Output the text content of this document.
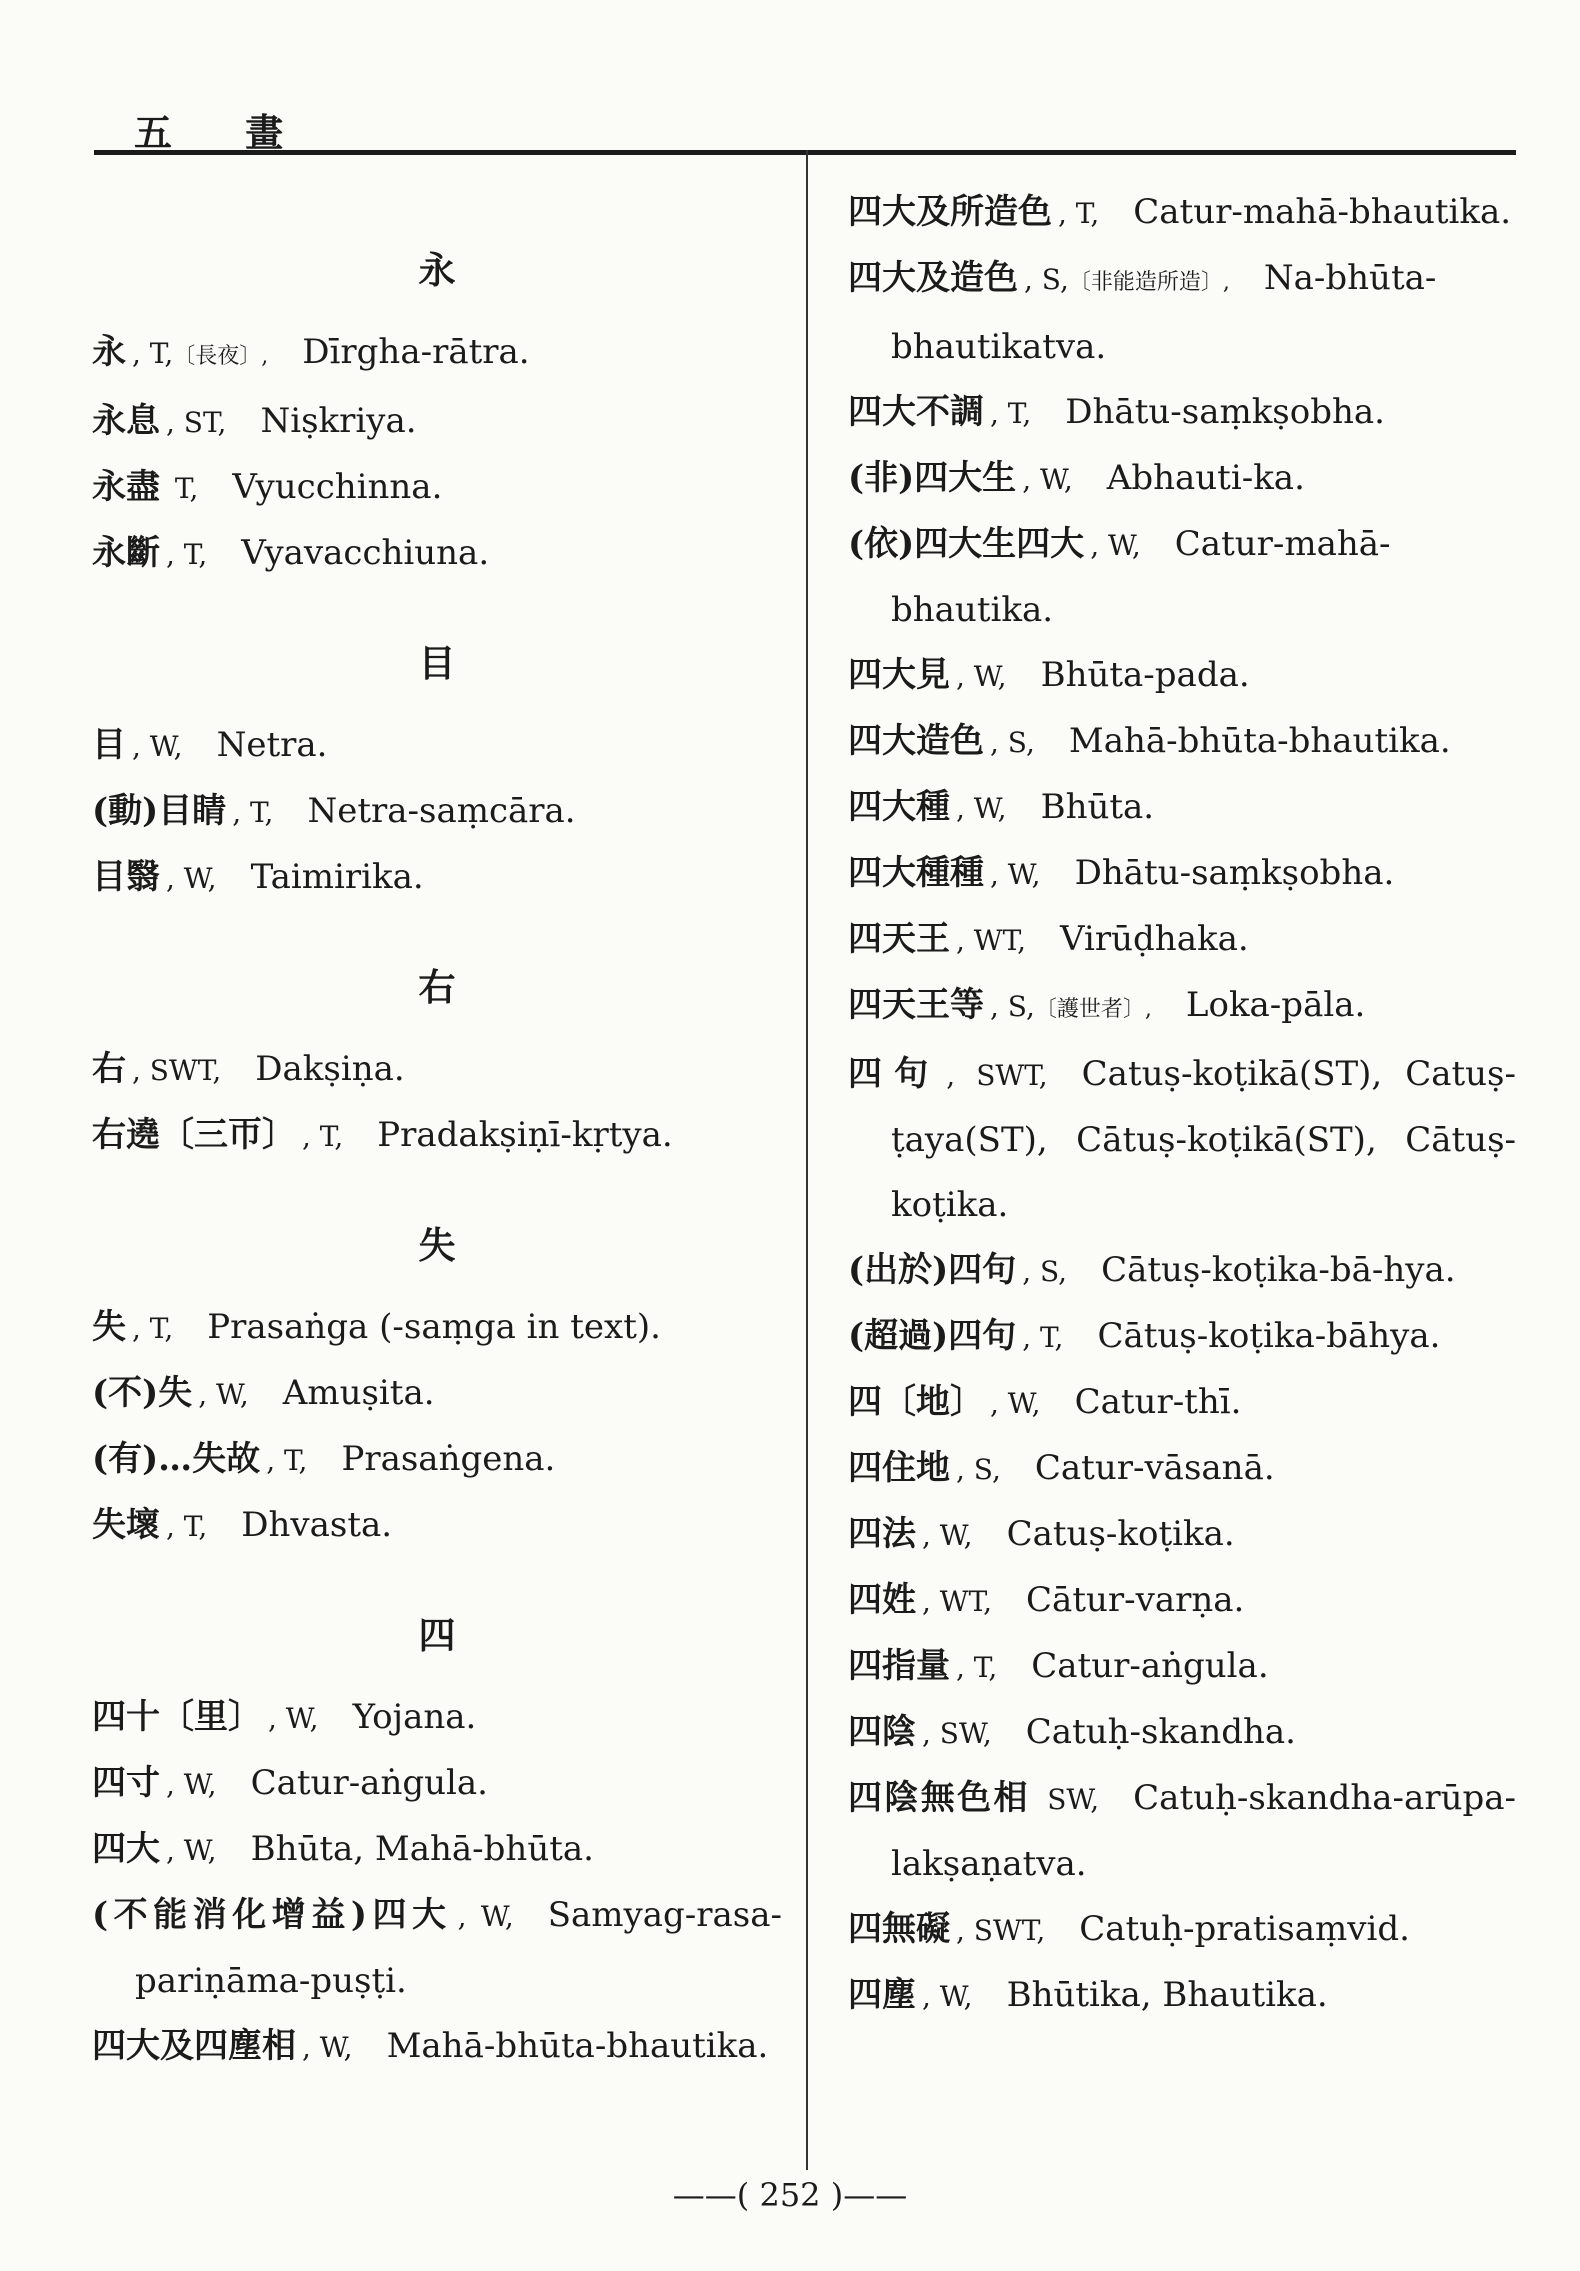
五 畫
永
永 , T,〔長夜〕, Dīrgha-rātra.
永息 , ST, Niṣkriya.
永盡 T, Vyucchinna.
永斷 , T, Vyavacchiuna.
目
目 , W, Netra.
(動)目睛 , T, Netra-saṃcāra.
目翳 , W, Taimirika.
右
右 , SWT, Dakṣiṇa.
右遶〔三帀〕 , T, Pradakṣiṇī-kṛtya.
失
失 , T, Prasaṅga (-saṃga in text).
(不)失 , W, Amuṣita.
(有)…失故 , T, Prasaṅgena.
失壞 , T, Dhvasta.
四
四十〔里〕 , W, Yojana.
四寸 , W, Catur-aṅgula.
四大 , W, Bhūta, Mahā-bhūta.
(不能消化增益)四大 , W, Samyag-rasa-pariṇāma-puṣṭi.
四大及四塵相 , W, Mahā-bhūta-bhautika.
四大及所造色 , T, Catur-mahā-bhautika.
四大及造色 , S,〔非能造所造〕, Na-bhūta-bhautikatva.
四大不調 , T, Dhātu-saṃkṣobha.
(非)四大生 , W, Abhauti-ka.
(依)四大生四大 , W, Catur-mahā-bhautika.
四大見 , W, Bhūta-pada.
四大造色 , S, Mahā-bhūta-bhautika.
四大種 , W, Bhūta.
四大種種 , W, Dhātu-saṃkṣobha.
四天王 , WT, Virūḍhaka.
四天王等 , S,〔護世者〕, Loka-pāla.
四句 , SWT, Catuṣ-koṭikā(ST), Catuṣ-ṭaya(ST), Cātuṣ-koṭikā(ST), Cātuṣ-koṭika.
(出於)四句 , S, Cātuṣ-koṭika-bā-hya.
(超過)四句 , T, Cātuṣ-koṭika-bāhya.
四〔地〕 , W, Catur-thī.
四住地 , S, Catur-vāsanā.
四法 , W, Catuṣ-koṭika.
四姓 , WT, Cātur-varṇa.
四指量 , T, Catur-aṅgula.
四陰 , SW, Catuḥ-skandha.
四陰無色相 SW, Catuḥ-skandha-arūpa-lakṣaṇatva.
四無礙 , SWT, Catuḥ-pratisaṃvid.
四塵 , W, Bhūtika, Bhautika.
——( 252 )——
